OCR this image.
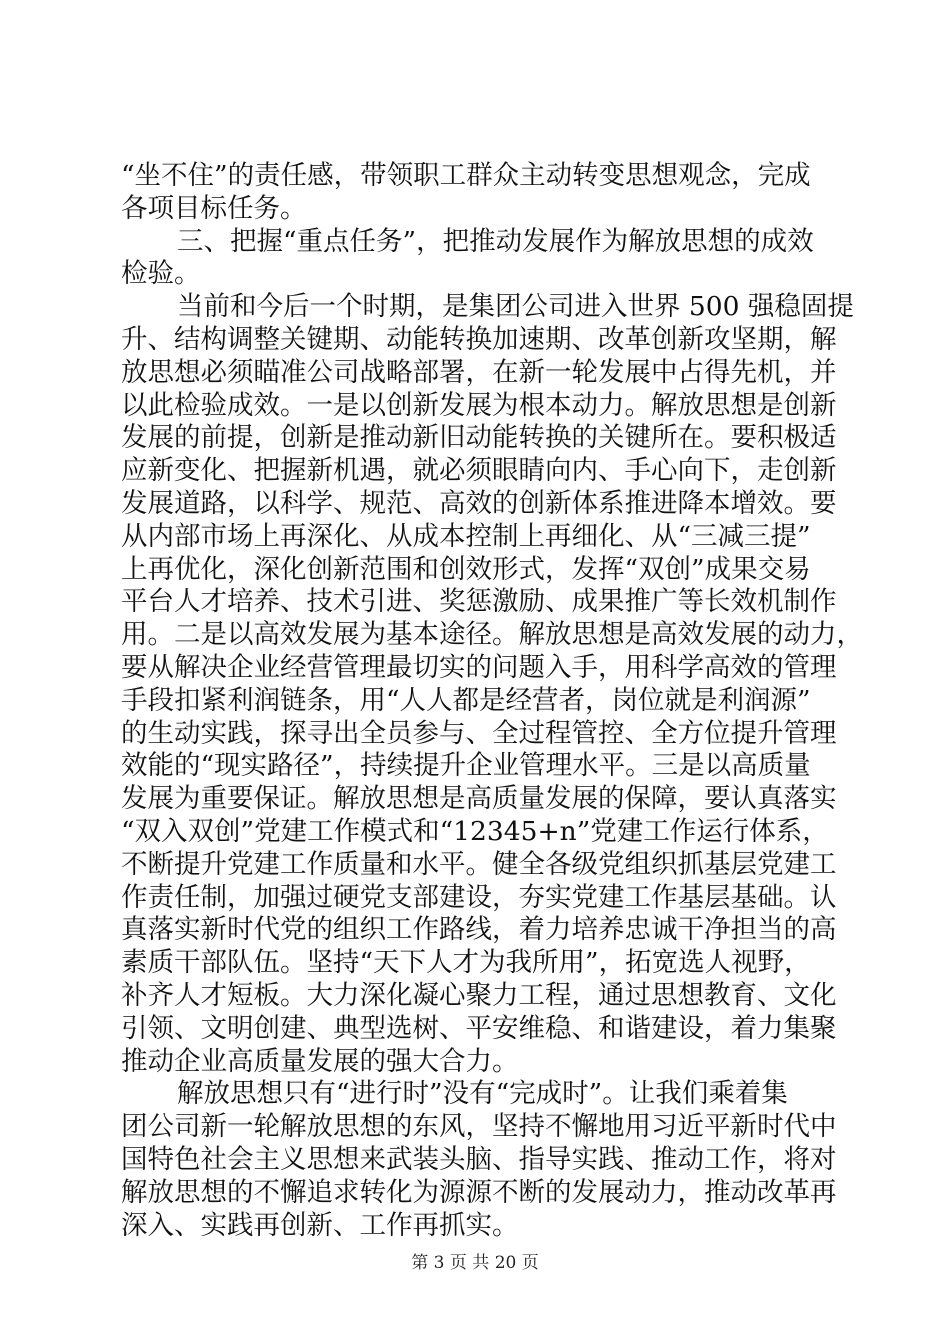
“坐不住”的责任感，带领职工群众主动转变思想观念，完成
各项目标任务。
三、把握“重点任务”，把推动发展作为解放思想的成效
检验。
当前和今后一个时期，是集团公司进入世界 500 强稳固提
升、结构调整关键期、动能转换加速期、改革创新攻坚期，解
放思想必须瞄准公司战略部署，在新一轮发展中占得先机，并
以此检验成效。一是以创新发展为根本动力。解放思想是创新
发展的前提，创新是推动新旧动能转换的关键所在。要积极适
应新变化、把握新机遇，就必须眼睛向内、手心向下，走创新
发展道路，以科学、规范、高效的创新体系推进降本增效。要
从内部市场上再深化、从成本控制上再细化、从“三减三提”
上再优化，深化创新范围和创效形式，发挥“双创”成果交易
平台人才培养、技术引进、奖惩激励、成果推广等长效机制作
用。二是以高效发展为基本途径。解放思想是高效发展的动力，
要从解决企业经营管理最切实的问题入手，用科学高效的管理
手段扣紧利润链条，用“人人都是经营者，岗位就是利润源”
的生动实践，探寻出全员参与、全过程管控、全方位提升管理
效能的“现实路径”，持续提升企业管理水平。三是以高质量
发展为重要保证。解放思想是高质量发展的保障，要认真落实
“双入双创”党建工作模式和“12345+n”党建工作运行体系，
不断提升党建工作质量和水平。健全各级党组织抓基层党建工
作责任制，加强过硬党支部建设，夯实党建工作基层基础。认
真落实新时代党的组织工作路线，着力培养忠诚干净担当的高
素质干部队伍。坚持“天下人才为我所用”，拓宽选人视野，
补齐人才短板。大力深化凝心聚力工程，通过思想教育、文化
引领、文明创建、典型选树、平安维稳、和谐建设，着力集聚
推动企业高质量发展的强大合力。
解放思想只有“进行时”没有“完成时”。让我们乘着集
团公司新一轮解放思想的东风，坚持不懈地用习近平新时代中
国特色社会主义思想来武装头脑、指导实践、推动工作，将对
解放思想的不懈追求转化为源源不断的发展动力，推动改革再
深入、实践再创新、工作再抓实。
第 3 页 共 20 页
